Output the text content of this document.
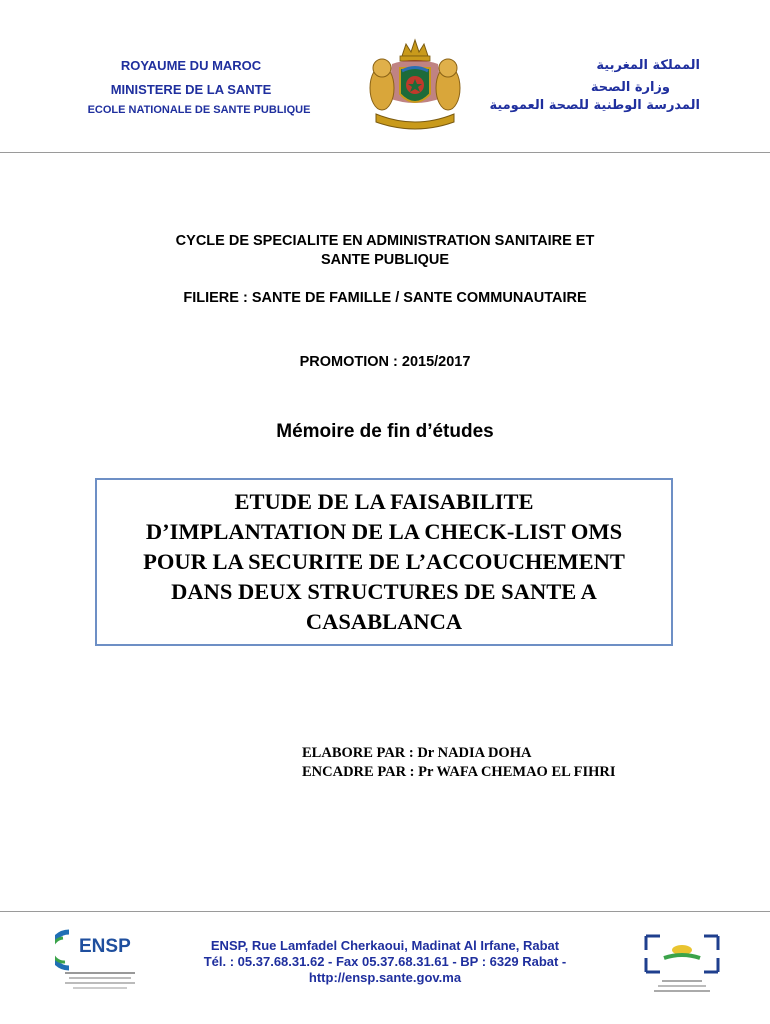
ROYAUME DU MAROC
MINISTERE DE LA SANTE
ECOLE NATIONALE DE SANTE PUBLIQUE
المملكة المغربية
وزارة الصحة
المدرسة الوطنية للصحة العمومية
CYCLE DE SPECIALITE EN ADMINISTRATION SANITAIRE ET
SANTE PUBLIQUE
FILIERE : SANTE DE FAMILLE / SANTE COMMUNAUTAIRE
PROMOTION : 2015/2017
Mémoire de fin d’études
ETUDE DE LA FAISABILITE
D’IMPLANTATION DE LA CHECK-LIST OMS
POUR LA SECURITE DE L’ACCOUCHEMENT
DANS DEUX STRUCTURES DE SANTE A
CASABLANCA
ELABORE PAR : Dr NADIA DOHA
ENCADRE PAR : Pr WAFA CHEMAO EL FIHRI
ENSP	ENSP, Rue Lamfadel Cherkaoui, Madinat Al Irfane, Rabat
Tél. : 05.37.68.31.62 - Fax 05.37.68.31.61 - BP : 6329 Rabat -
http://ensp.sante.gov.ma
